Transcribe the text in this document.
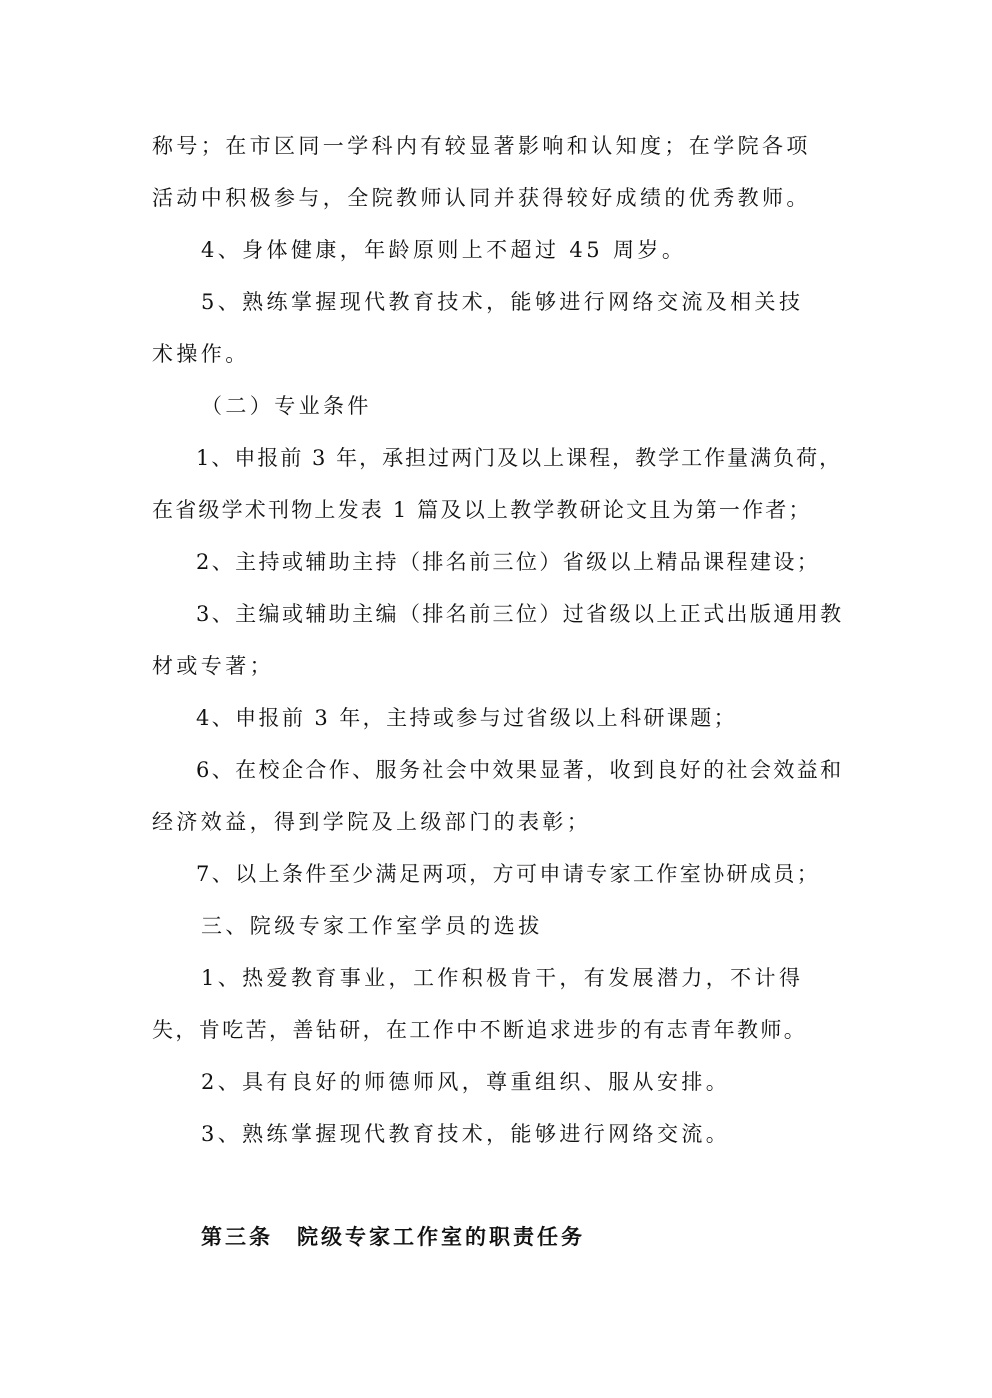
称号；在市区同一学科内有较显著影响和认知度；在学院各项

活动中积极参与，全院教师认同并获得较好成绩的优秀教师。

4、身体健康，年龄原则上不超过 45 周岁。

5、熟练掌握现代教育技术，能够进行网络交流及相关技

术操作。

（二）专业条件

1、申报前 3 年，承担过两门及以上课程，教学工作量满负荷，

在省级学术刊物上发表 1 篇及以上教学教研论文且为第一作者；

2、主持或辅助主持（排名前三位）省级以上精品课程建设；

3、主编或辅助主编（排名前三位）过省级以上正式出版通用教

材或专著；

4、申报前 3 年，主持或参与过省级以上科研课题；

6、在校企合作、服务社会中效果显著，收到良好的社会效益和

经济效益，得到学院及上级部门的表彰；

7、以上条件至少满足两项，方可申请专家工作室协研成员；

三、院级专家工作室学员的选拔

1、热爱教育事业，工作积极肯干，有发展潜力，不计得

失，肯吃苦，善钻研，在工作中不断追求进步的有志青年教师。

2、具有良好的师德师风，尊重组织、服从安排。

3、熟练掌握现代教育技术，能够进行网络交流。

第三条　院级专家工作室的职责任务
